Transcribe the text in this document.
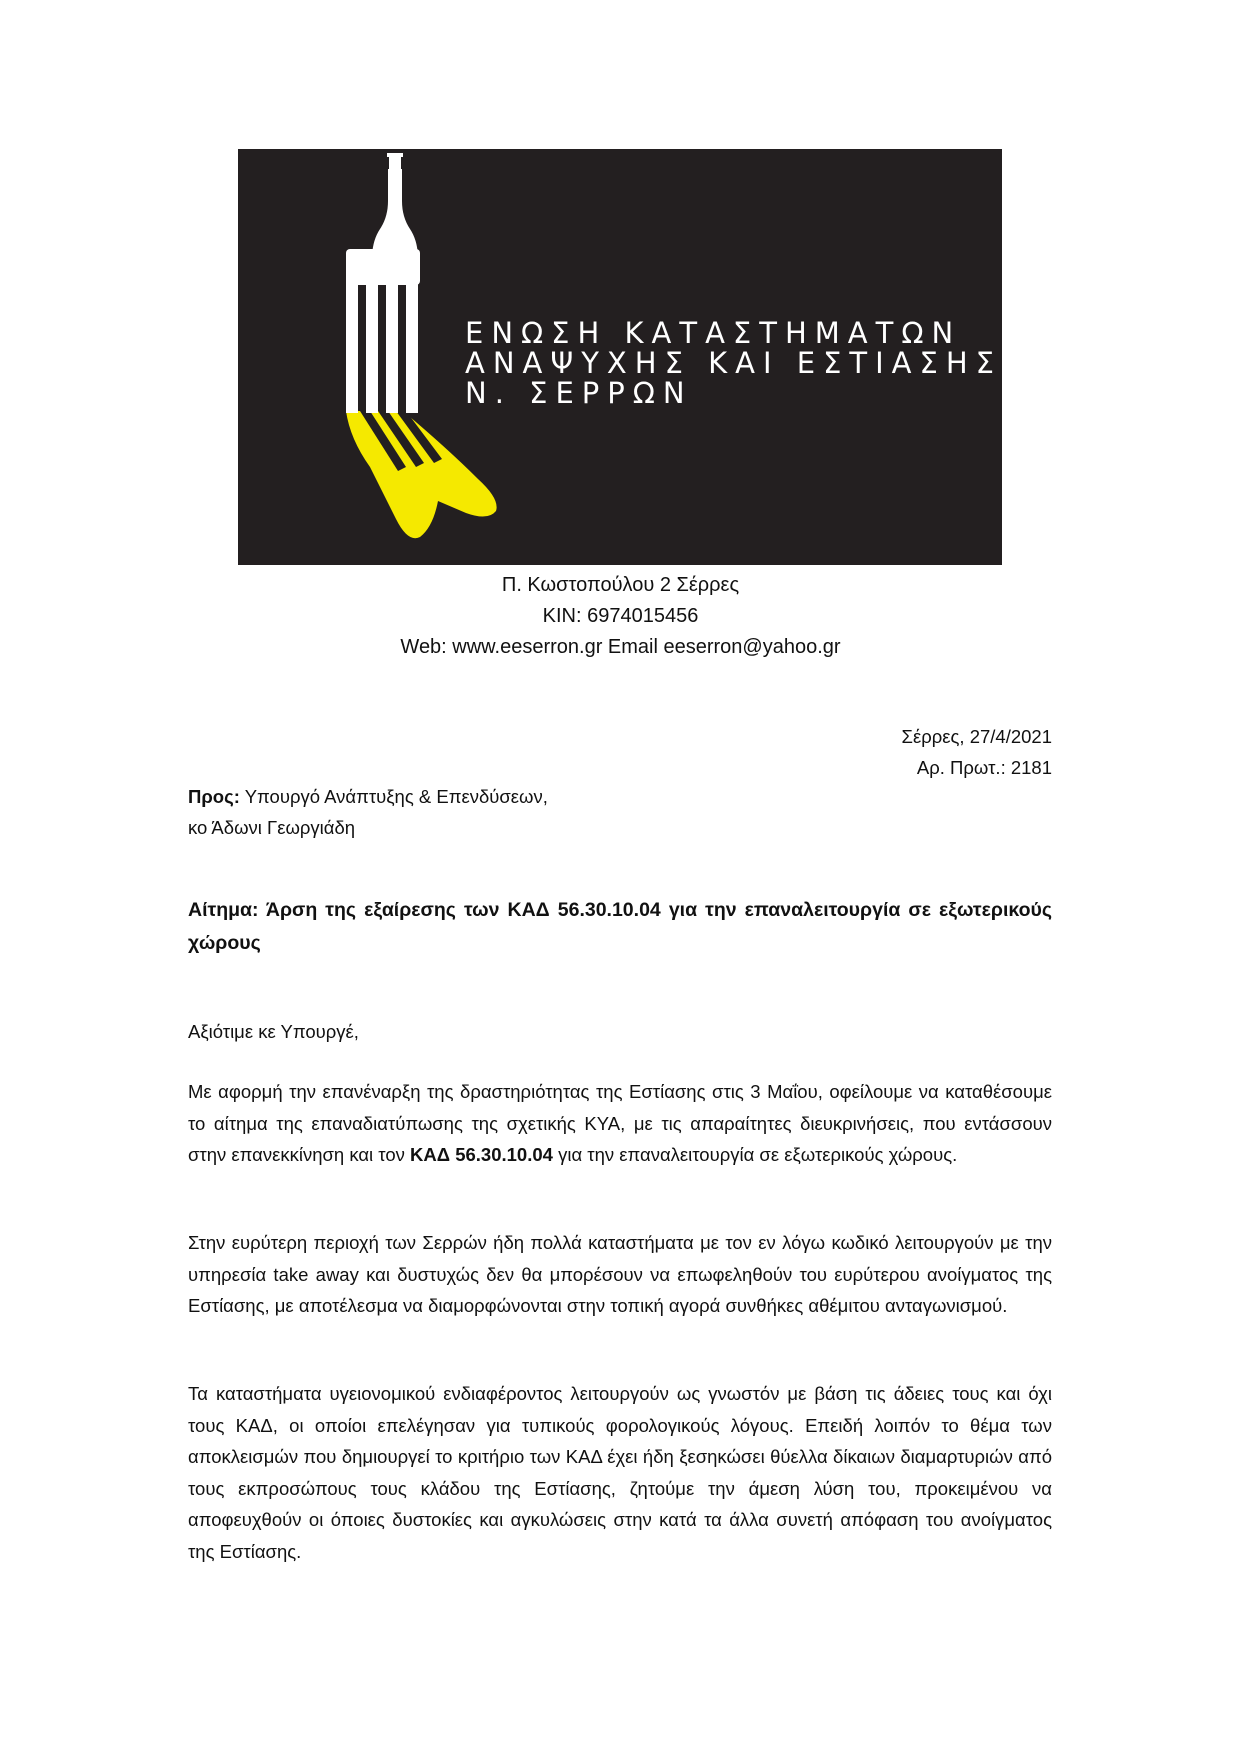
ΕΝΩΣΗ ΚΑΤΑΣΤΗΜΑΤΩΝ
ΑΝΑΨΥΧΗΣ ΚΑΙ ΕΣΤΙΑΣΗΣ
Ν. ΣΕΡΡΩΝ
Π. Κωστοπούλου 2 Σέρρες
ΚΙΝ: 6974015456
Web: www.eeserron.gr Email eeserron@yahoo.gr
Σέρρες, 27/4/2021
Αρ. Πρωτ.: 2181
Προς: Υπουργό Ανάπτυξης & Επενδύσεων,
κο Άδωνι Γεωργιάδη

Αίτημα: Άρση της εξαίρεσης των ΚΑΔ 56.30.10.04 για την επαναλειτουργία σε εξωτερικούς χώρους

Αξιότιμε κε Υπουργέ,

Με αφορμή την επανέναρξη της δραστηριότητας της Εστίασης στις 3 Μαΐου, οφείλουμε να καταθέσουμε το αίτημα της επαναδιατύπωσης της σχετικής ΚΥΑ, με τις απαραίτητες διευκρινήσεις, που εντάσσουν στην επανεκκίνηση και τον ΚΑΔ 56.30.10.04 για την επαναλειτουργία σε εξωτερικούς χώρους.

Στην ευρύτερη περιοχή των Σερρών ήδη πολλά καταστήματα με τον εν λόγω κωδικό λειτουργούν με την υπηρεσία take away και δυστυχώς δεν θα μπορέσουν να επωφεληθούν του ευρύτερου ανοίγματος της Εστίασης, με αποτέλεσμα να διαμορφώνονται στην τοπική αγορά συνθήκες αθέμιτου ανταγωνισμού.

Τα καταστήματα υγειονομικού ενδιαφέροντος λειτουργούν ως γνωστόν με βάση τις άδειες τους και όχι τους ΚΑΔ, οι οποίοι επελέγησαν για τυπικούς φορολογικούς λόγους. Επειδή λοιπόν το θέμα των αποκλεισμών που δημιουργεί το κριτήριο των ΚΑΔ έχει ήδη ξεσηκώσει θύελλα δίκαιων διαμαρτυριών από τους εκπροσώπους τους κλάδου της Εστίασης, ζητούμε την άμεση λύση του, προκειμένου να αποφευχθούν οι όποιες δυστοκίες και αγκυλώσεις στην κατά τα άλλα συνετή απόφαση του ανοίγματος της Εστίασης.
